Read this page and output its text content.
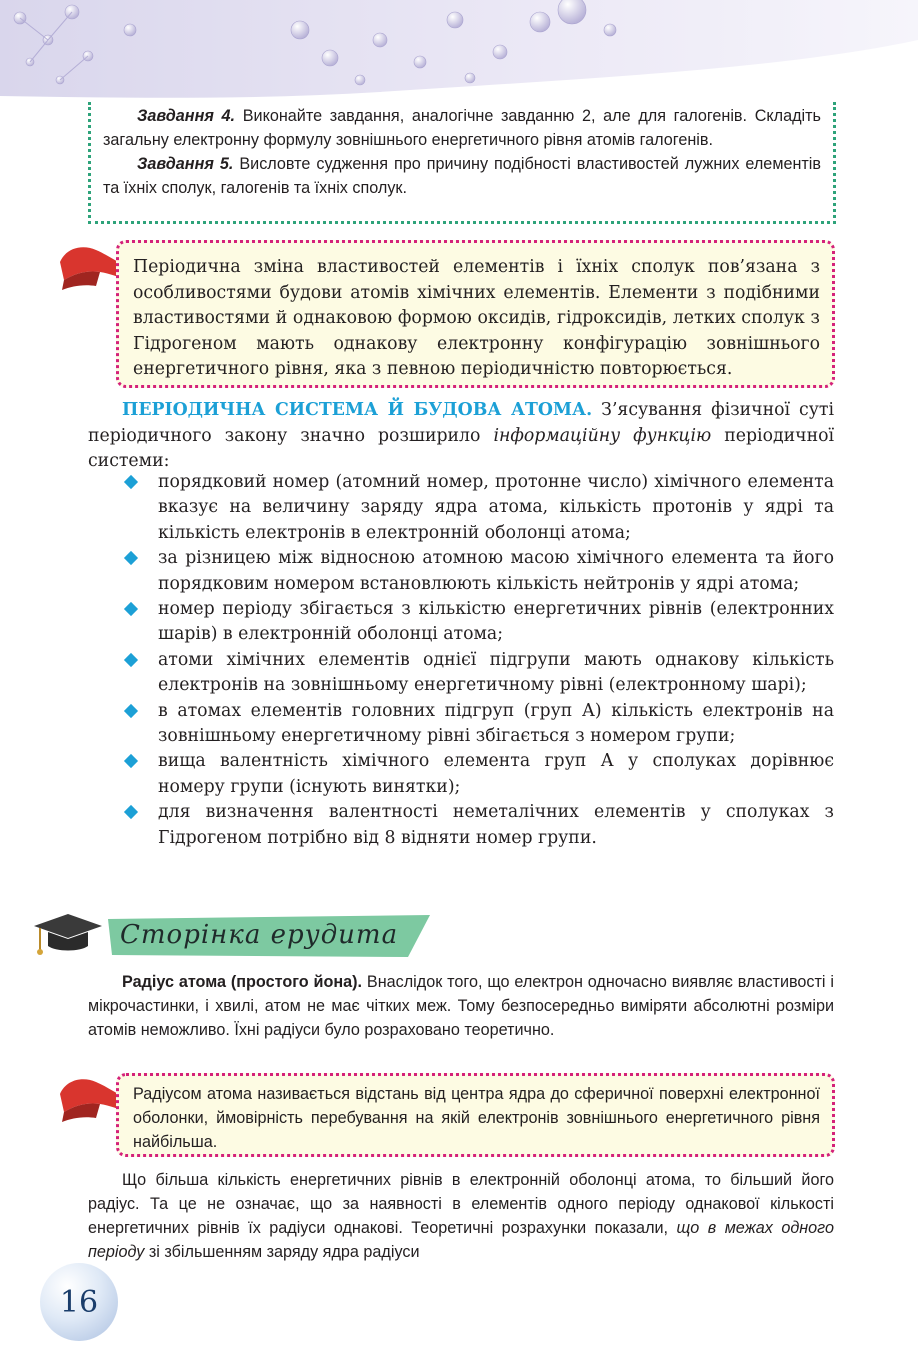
Завдання 4. Виконайте завдання, аналогічне завданню 2, але для галогенів. Складіть загальну електронну формулу зовнішнього енергетичного рівня атомів галогенів.

Завдання 5. Висловте судження про причину подібності властивостей лужних елементів та їхніх сполук, галогенів та їхніх сполук.

Періодична зміна властивостей елементів і їхніх сполук пов’язана з особливостями будови атомів хімічних елементів. Елементи з подібними властивостями й однаковою формою оксидів, гідроксидів, летких сполук з Гідрогеном мають однакову електронну конфігурацію зовнішнього енергетичного рівня, яка з певною періодичністю повторюється.
ПЕРІОДИЧНА СИСТЕМА Й БУДОВА АТОМА. З’ясування фізичної суті періодичного закону значно розширило інформаційну функцію періодичної системи:
порядковий номер (атомний номер, протонне число) хімічного елемента вказує на величину заряду ядра атома, кількість протонів у ядрі та кількість електронів в електронній оболонці атома;
за різницею між відносною атомною масою хімічного елемента та його порядковим номером встановлюють кількість нейтронів у ядрі атома;
номер періоду збігається з кількістю енергетичних рівнів (електронних шарів) в електронній оболонці атома;
атоми хімічних елементів однієї підгрупи мають однакову кількість електронів на зовнішньому енергетичному рівні (електронному шарі);
в атомах елементів головних підгруп (груп А) кількість електронів на зовнішньому енергетичному рівні збігається з номером групи;
вища валентність хімічного елемента груп А у сполуках дорівнює номеру групи (існують винятки);
для визначення валентності неметалічних елементів у сполуках з Гідрогеном потрібно від 8 відняти номер групи.
Сторінка ерудита
Радіус атома (простого йона). Внаслідок того, що електрон одночасно виявляє властивості і мікрочастинки, і хвилі, атом не має чітких меж. Тому безпосередньо виміряти абсолютні розміри атомів неможливо. Їхні радіуси було розраховано теоретично.
Радіусом атома називається відстань від центра ядра до сферичної поверхні електронної оболонки, ймовірність перебування на якій електронів зовнішнього енергетичного рівня найбільша.
Що більша кількість енергетичних рівнів в електронній оболонці атома, то більший його радіус. Та це не означає, що за наявності в елементів одного періоду однакової кількості енергетичних рівнів їх радіуси однакові. Теоретичні розрахунки показали, що в межах одного періоду зі збільшенням заряду ядра радіуси
16
